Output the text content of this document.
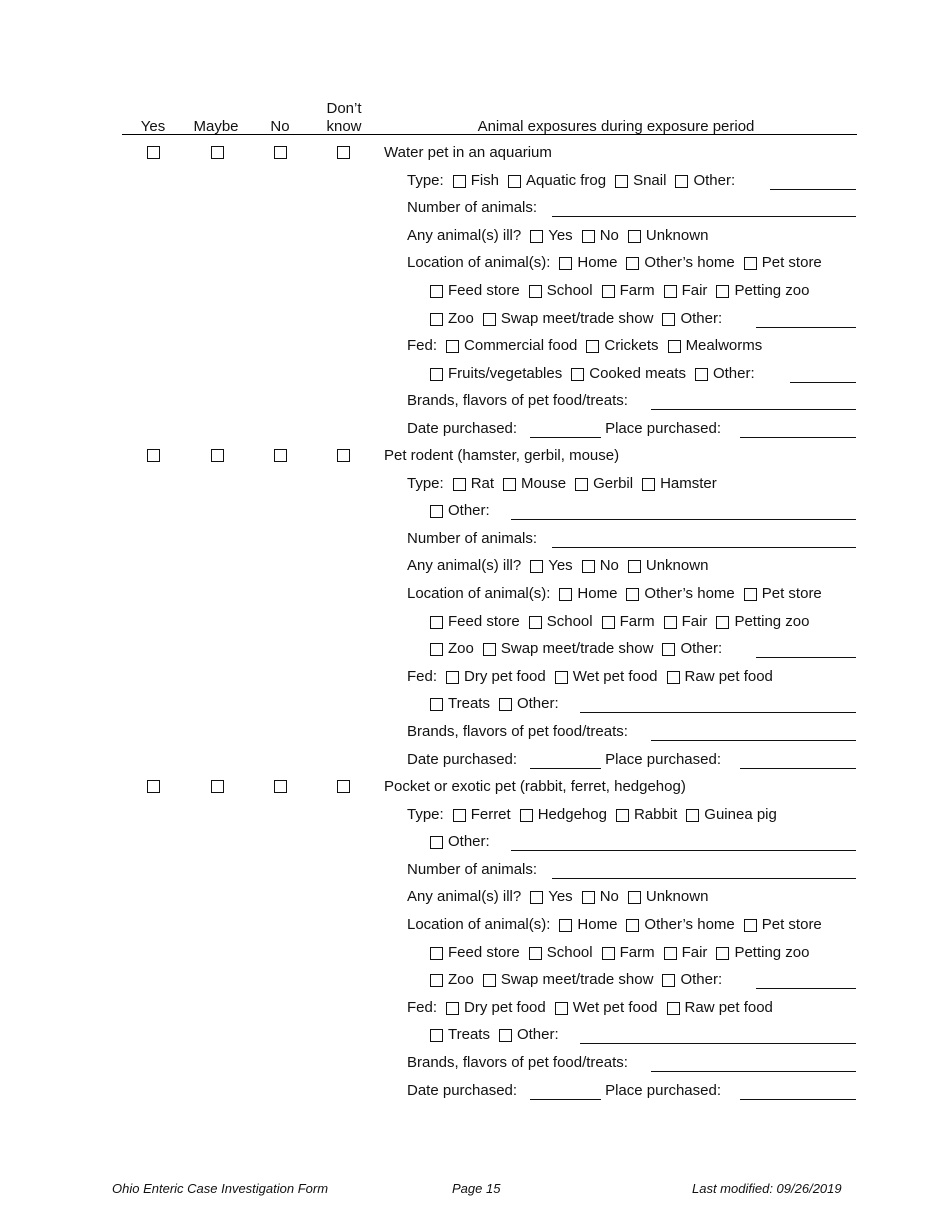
Yes	Maybe	No
Don’t
know	Animal exposures during exposure period
Water pet in an aquarium
Type: Fish Aquatic frog Snail Other:
Number of animals:
Any animal(s) ill? Yes No Unknown
Location of animal(s): Home Other’s home Pet store
Feed store School Farm Fair Petting zoo
Zoo Swap meet/trade show Other:
Fed: Commercial food Crickets Mealworms
Fruits/vegetables Cooked meats Other:
Brands, flavors of pet food/treats:
Date purchased:	Place purchased:
Pet rodent (hamster, gerbil, mouse)
Type: Rat Mouse Gerbil Hamster
Other:
Number of animals:
Any animal(s) ill? Yes No Unknown
Location of animal(s): Home Other’s home Pet store
Feed store School Farm Fair Petting zoo
Zoo Swap meet/trade show Other:
Fed: Dry pet food Wet pet food Raw pet food
Treats Other:
Brands, flavors of pet food/treats:
Date purchased:	Place purchased:
Pocket or exotic pet (rabbit, ferret, hedgehog)
Type: Ferret Hedgehog Rabbit Guinea pig
Other:
Number of animals:
Any animal(s) ill? Yes No Unknown
Location of animal(s): Home Other’s home Pet store
Feed store School Farm Fair Petting zoo
Zoo Swap meet/trade show Other:
Fed: Dry pet food Wet pet food Raw pet food
Treats Other:
Brands, flavors of pet food/treats:
Date purchased:	Place purchased:
Ohio Enteric Case Investigation Form	Page 15	Last modified: 09/26/2019
